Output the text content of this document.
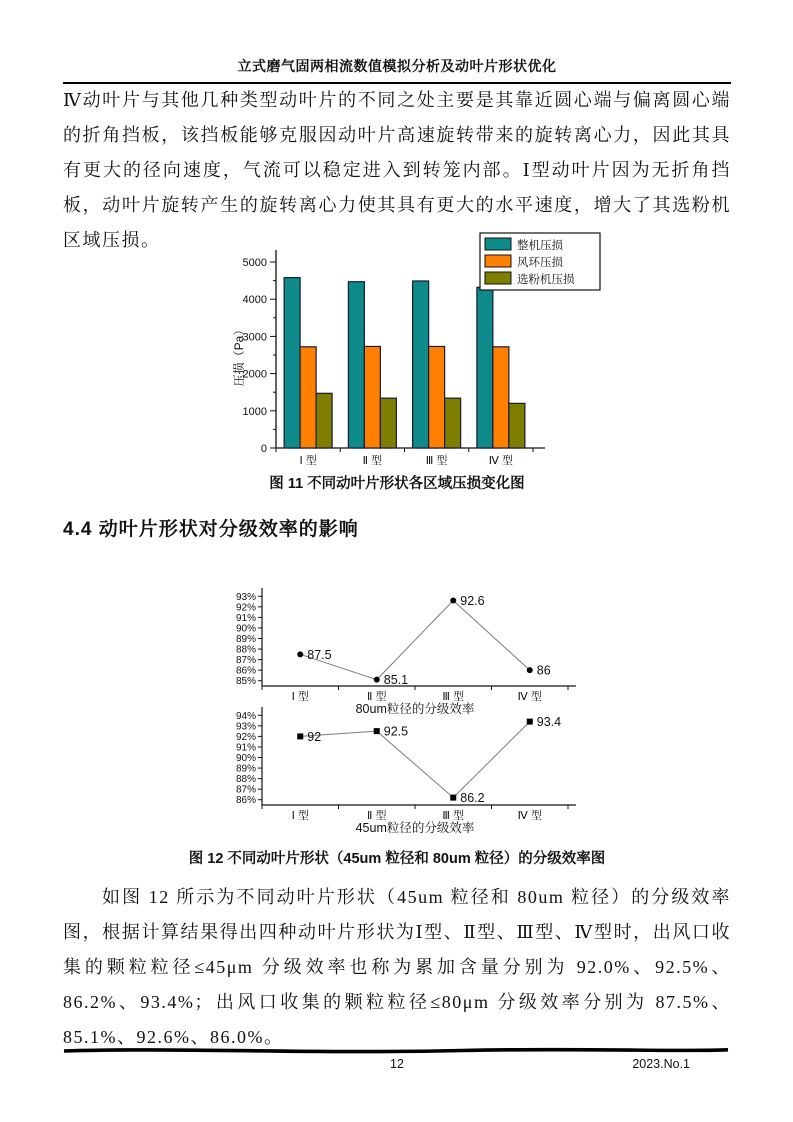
立式磨气固两相流数值模拟分析及动叶片形状优化

Ⅳ动叶片与其他几种类型动叶片的不同之处主要是其靠近圆心端与偏离圆心端的折角挡板，该挡板能够克服因动叶片高速旋转带来的旋转离心力，因此其具有更大的径向速度，气流可以稳定进入到转笼内部。Ⅰ型动叶片因为无折角挡板，动叶片旋转产生的旋转离心力使其具有更大的水平速度，增大了其选粉机区域压损。

0
1000
2000
3000
4000
5000
Ⅰ 型	Ⅱ 型	Ⅲ 型	Ⅳ 型
压损（Pa）
整机压损
风环压损
选粉机压损
图 11 不同动叶片形状各区域压损变化图
4.4 动叶片形状对分级效率的影响
85%
86%
87%
88%
89%
90%
91%
92%
93%
Ⅰ 型	Ⅱ 型	Ⅲ 型	Ⅳ 型
87.5
85.1
92.6
86
80um粒径的分级效率
86%
87%
88%
89%
90%
91%
92%
93%
94%
Ⅰ 型	Ⅱ 型	Ⅲ 型	Ⅳ 型
92	92.5
86.2
93.4
45um粒径的分级效率
图 12 不同动叶片形状（45um 粒径和 80um 粒径）的分级效率图

如图 12 所示为不同动叶片形状（45um 粒径和 80um 粒径）的分级效率图，根据计算结果得出四种动叶片形状为Ⅰ型、Ⅱ型、Ⅲ型、Ⅳ型时，出风口收集的颗粒粒径≤45μm 分级效率也称为累加含量分别为 92.0%、92.5%、86.2%、93.4%；出风口收集的颗粒粒径≤80μm 分级效率分别为 87.5%、85.1%、92.6%、86.0%。

12	2023.No.1
